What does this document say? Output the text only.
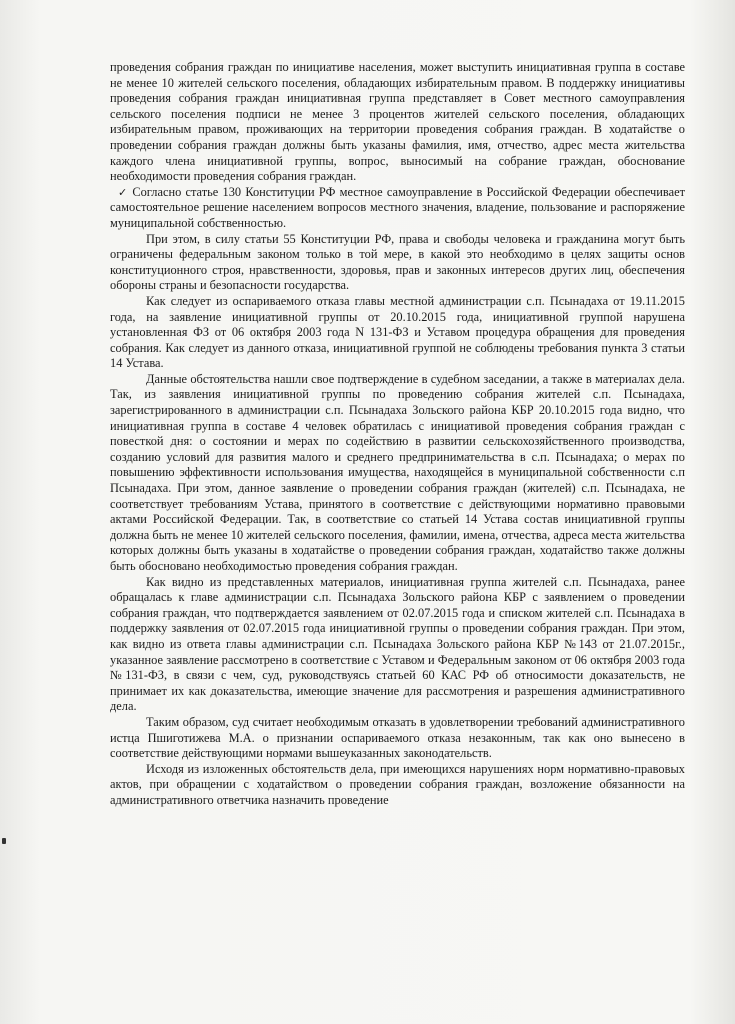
проведения собрания граждан по инициативе населения, может выступить инициативная группа в составе не менее 10 жителей сельского поселения, обладающих избирательным правом. В поддержку инициативы проведения собрания граждан инициативная группа представляет в Совет местного самоуправления сельского поселения подписи не менее 3 процентов жителей сельского поселения, обладающих избирательным правом, проживающих на территории проведения собрания граждан. В ходатайстве о проведении собрания граждан должны быть указаны фамилия, имя, отчество, адрес места жительства каждого члена инициативной группы, вопрос, выносимый на собрание граждан, обоснование необходимости проведения собрания граждан.

✓ Согласно статье 130 Конституции РФ местное самоуправление в Российской Федерации обеспечивает самостоятельное решение населением вопросов местного значения, владение, пользование и распоряжение муниципальной собственностью.

При этом, в силу статьи 55 Конституции РФ, права и свободы человека и гражданина могут быть ограничены федеральным законом только в той мере, в какой это необходимо в целях защиты основ конституционного строя, нравственности, здоровья, прав и законных интересов других лиц, обеспечения обороны страны и безопасности государства.

Как следует из оспариваемого отказа главы местной администрации с.п. Псынадаха от 19.11.2015 года, на заявление инициативной группы от 20.10.2015 года, инициативной группой нарушена установленная ФЗ от 06 октября 2003 года N 131-ФЗ и Уставом процедура обращения для проведения собрания. Как следует из данного отказа, инициативной группой не соблюдены требования пункта 3 статьи 14 Устава.

Данные обстоятельства нашли свое подтверждение в судебном заседании, а также в материалах дела. Так, из заявления инициативной группы по проведению собрания жителей с.п. Псынадаха, зарегистрированного в администрации с.п. Псынадаха Зольского района КБР 20.10.2015 года видно, что инициативная группа в составе 4 человек обратилась с инициативой проведения собрания граждан с повесткой дня: о состоянии и мерах по содействию в развитии сельскохозяйственного производства, созданию условий для развития малого и среднего предпринимательства в с.п. Псынадаха; о мерах по повышению эффективности использования имущества, находящейся в муниципальной собственности с.п Псынадаха. При этом, данное заявление о проведении собрания граждан (жителей) с.п. Псынадаха, не соответствует требованиям Устава, принятого в соответствие с действующими нормативно правовыми актами Российской Федерации. Так, в соответствие со статьей 14 Устава состав инициативной группы должна быть не менее 10 жителей сельского поселения, фамилии, имена, отчества, адреса места жительства которых должны быть указаны в ходатайстве о проведении собрания граждан, ходатайство также должны быть обосновано необходимостью проведения собрания граждан.

Как видно из представленных материалов, инициативная группа жителей с.п. Псынадаха, ранее обращалась к главе администрации с.п. Псынадаха Зольского района КБР с заявлением о проведении собрания граждан, что подтверждается заявлением от 02.07.2015 года и списком жителей с.п. Псынадаха в поддержку заявления от 02.07.2015 года инициативной группы о проведении собрания граждан. При этом, как видно из ответа главы администрации с.п. Псынадаха Зольского района КБР №143 от 21.07.2015г., указанное заявление рассмотрено в соответствие с Уставом и Федеральным законом от 06 октября 2003 года №131-ФЗ, в связи с чем, суд, руководствуясь статьей 60 КАС РФ об относимости доказательств, не принимает их как доказательства, имеющие значение для рассмотрения и разрешения административного дела.

Таким образом, суд считает необходимым отказать в удовлетворении требований административного истца Пшиготижева М.А. о признании оспариваемого отказа незаконным, так как оно вынесено в соответствие действующими нормами вышеуказанных законодательств.

Исходя из изложенных обстоятельств дела, при имеющихся нарушениях норм нормативно-правовых актов, при обращении с ходатайством о проведении собрания граждан, возложение обязанности на административного ответчика назначить проведение
